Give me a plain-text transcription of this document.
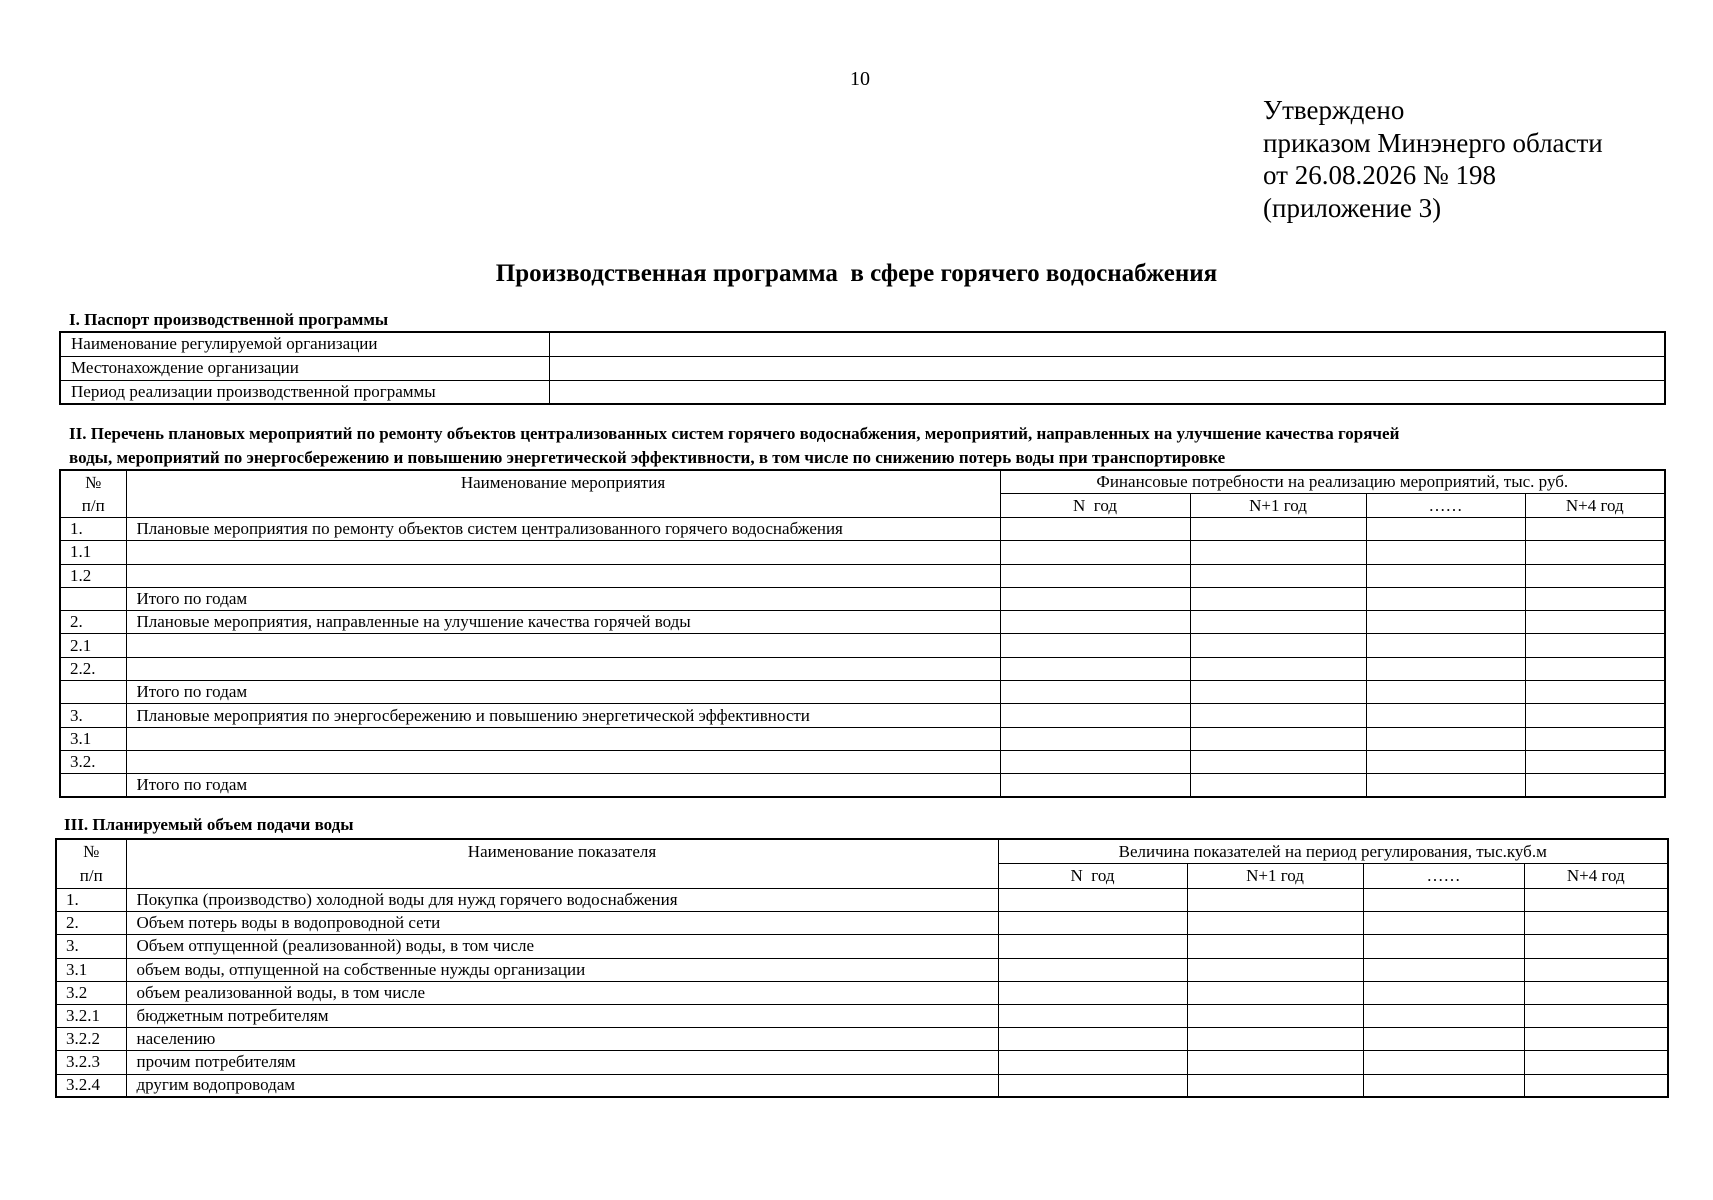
10
Утверждено
приказом Минэнерго области
от 26.08.2026 № 198
(приложение 3)
Производственная программа  в сфере горячего водоснабжения
I. Паспорт производственной программы
Наименование регулируемой организации	
Местонахождение организации	
Период реализации производственной программы	
II. Перечень плановых мероприятий по ремонту объектов централизованных систем горячего водоснабжения, мероприятий, направленных на улучшение качества горячей
воды, мероприятий по энергосбережению и повышению энергетической эффективности, в том числе по снижению потерь воды при транспортировке
№
п/п	Наименование мероприятия	Финансовые потребности на реализацию мероприятий, тыс. руб.			
		N  год	N+1 год	……	N+4 год
1.	Плановые мероприятия по ремонту объектов систем централизованного горячего водоснабжения				
1.1					
1.2					
	Итого по годам				
2.	Плановые мероприятия, направленные на улучшение качества горячей воды				
2.1					
2.2.					
	Итого по годам				
3.	Плановые мероприятия по энергосбережению и повышению энергетической эффективности				
3.1					
3.2.					
	Итого по годам				
III. Планируемый объем подачи воды
№
п/п	Наименование показателя	Величина показателей на период регулирования, тыс.куб.м			
		N  год	N+1 год	……	N+4 год
1.	Покупка (производство) холодной воды для нужд горячего водоснабжения				
2.	Объем потерь воды в водопроводной сети				
3.	Объем отпущенной (реализованной) воды, в том числе				
3.1	объем воды, отпущенной на собственные нужды организации				
3.2	объем реализованной воды, в том числе				
3.2.1	бюджетным потребителям				
3.2.2	населению				
3.2.3	прочим потребителям				
3.2.4	другим водопроводам				
